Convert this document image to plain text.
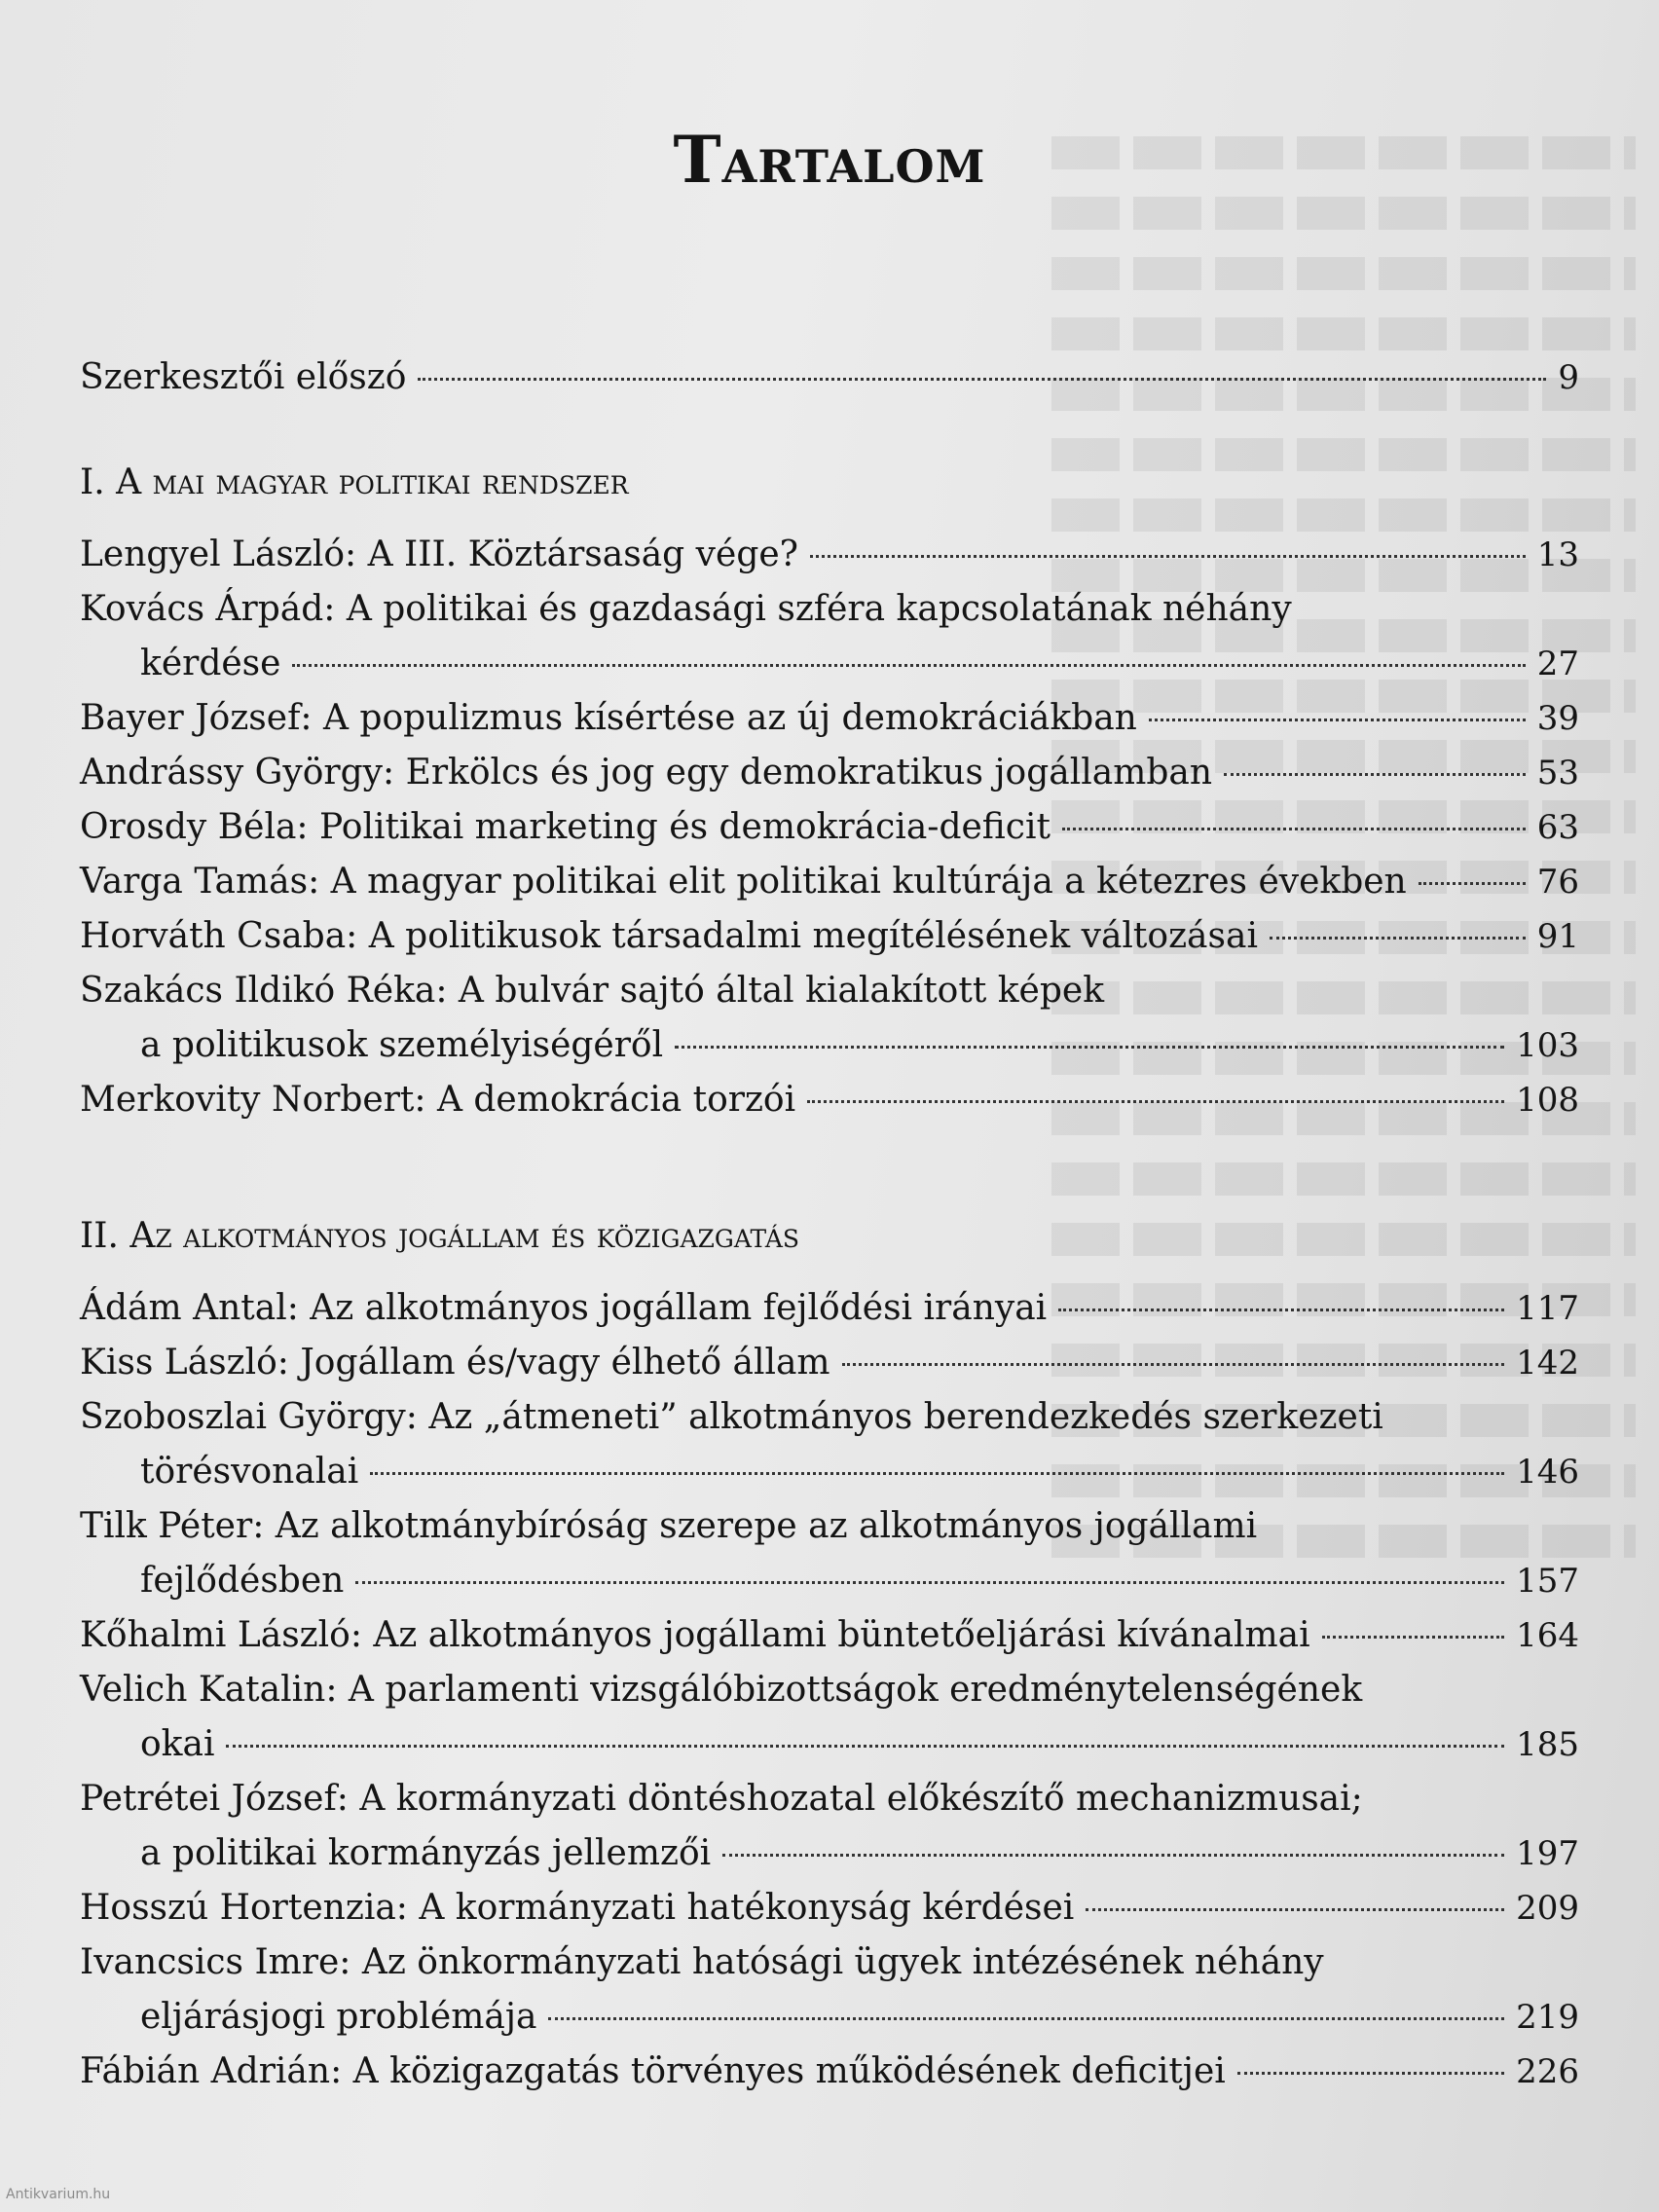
Tartalom
Szerkesztői előszó	9
I. A mai magyar politikai rendszer
Lengyel László: A III. Köztársaság vége?	13
Kovács Árpád: A politikai és gazdasági szféra kapcsolatának néhány
kérdése	27
Bayer József: A populizmus kísértése az új demokráciákban	39
Andrássy György: Erkölcs és jog egy demokratikus jogállamban	53
Orosdy Béla: Politikai marketing és demokrácia-deficit	63
Varga Tamás: A magyar politikai elit politikai kultúrája a kétezres években	76
Horváth Csaba: A politikusok társadalmi megítélésének változásai	91
Szakács Ildikó Réka: A bulvár sajtó által kialakított képek
a politikusok személyiségéről	103
Merkovity Norbert: A demokrácia torzói	108
II. Az alkotmányos jogállam és közigazgatás
Ádám Antal: Az alkotmányos jogállam fejlődési irányai	117
Kiss László: Jogállam és/vagy élhető állam	142
Szoboszlai György: Az „átmeneti” alkotmányos berendezkedés szerkezeti
törésvonalai	146
Tilk Péter: Az alkotmánybíróság szerepe az alkotmányos jogállami
fejlődésben	157
Kőhalmi László: Az alkotmányos jogállami büntetőeljárási kívánalmai	164
Velich Katalin: A parlamenti vizsgálóbizottságok eredménytelenségének
okai	185
Petrétei József: A kormányzati döntéshozatal előkészítő mechanizmusai;
a politikai kormányzás jellemzői	197
Hosszú Hortenzia: A kormányzati hatékonyság kérdései	209
Ivancsics Imre: Az önkormányzati hatósági ügyek intézésének néhány
eljárásjogi problémája	219
Fábián Adrián: A közigazgatás törvényes működésének deficitjei	226
Antikvarium.hu
